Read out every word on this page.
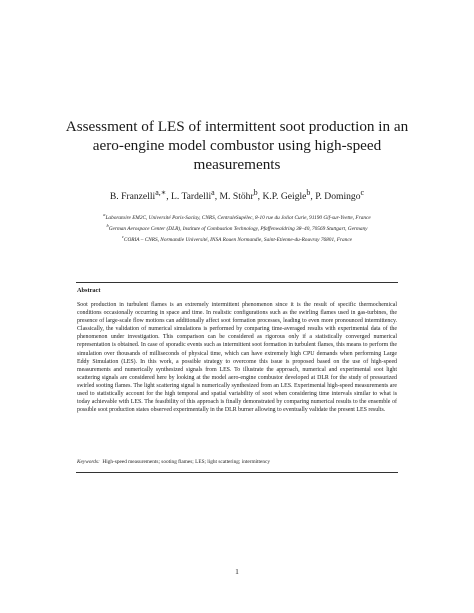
Assessment of LES of intermittent soot production in an
aero-engine model combustor using high-speed
measurements
B. Franzelli$^{a,∗}$, L. Tardelli$^a$, M. Stöhr$^b$, K.P. Geigle$^b$, P. Domingo$^c$
$^a$Laboratoire EM2C, Université Paris-Saclay, CNRS, CentraleSupélec, 8-10 rue du Joliot Curie, 91190 Gif-sur-Yvette, France
$^b$German Aerospace Center (DLR), Institute of Combustion Technology, Pfaffenwaldring 38–40, 70569 Stuttgart, Germany
$^c$CORIA – CNRS, Normandie Université, INSA Rouen Normandie, Saint-Etienne-du-Rouvray 76801, France
Abstract
Soot production in turbulent flames is an extremely intermittent phenomenon since it is the result of specific thermochemical conditions occasionally occurring in space and time. In realistic configurations such as the swirling flames used in gas-turbines, the presence of large-scale flow motions can additionally affect soot formation processes, leading to even more pronounced intermittency. Classically, the validation of numerical simulations is performed by comparing time-averaged results with experimental data of the phenomenon under investigation. This comparison can be considered as rigorous only if a statistically converged numerical representation is obtained. In case of sporadic events such as intermittent soot formation in turbulent flames, this means to perform the simulation over thousands of milliseconds of physical time, which can have extremely high CPU demands when performing Large Eddy Simulation (LES). In this work, a possible strategy to overcome this issue is proposed based on the use of high-speed measurements and numerically synthesized signals from LES. To illustrate the approach, numerical and experimental soot light scattering signals are considered here by looking at the model aero-engine combustor developed at DLR for the study of pressurized swirled sooting flames. The light scattering signal is numerically synthesized from an LES. Experimental high-speed measurements are used to statistically account for the high temporal and spatial variability of soot when considering time intervals similar to what is today achievable with LES. The feasibility of this approach is finally demonstrated by comparing numerical results to the ensemble of possible soot production states observed experimentally in the DLR burner allowing to eventually validate the present LES results.
Keywords: High-speed measurements; sooting flames; LES; light scattering; intermittency
1
